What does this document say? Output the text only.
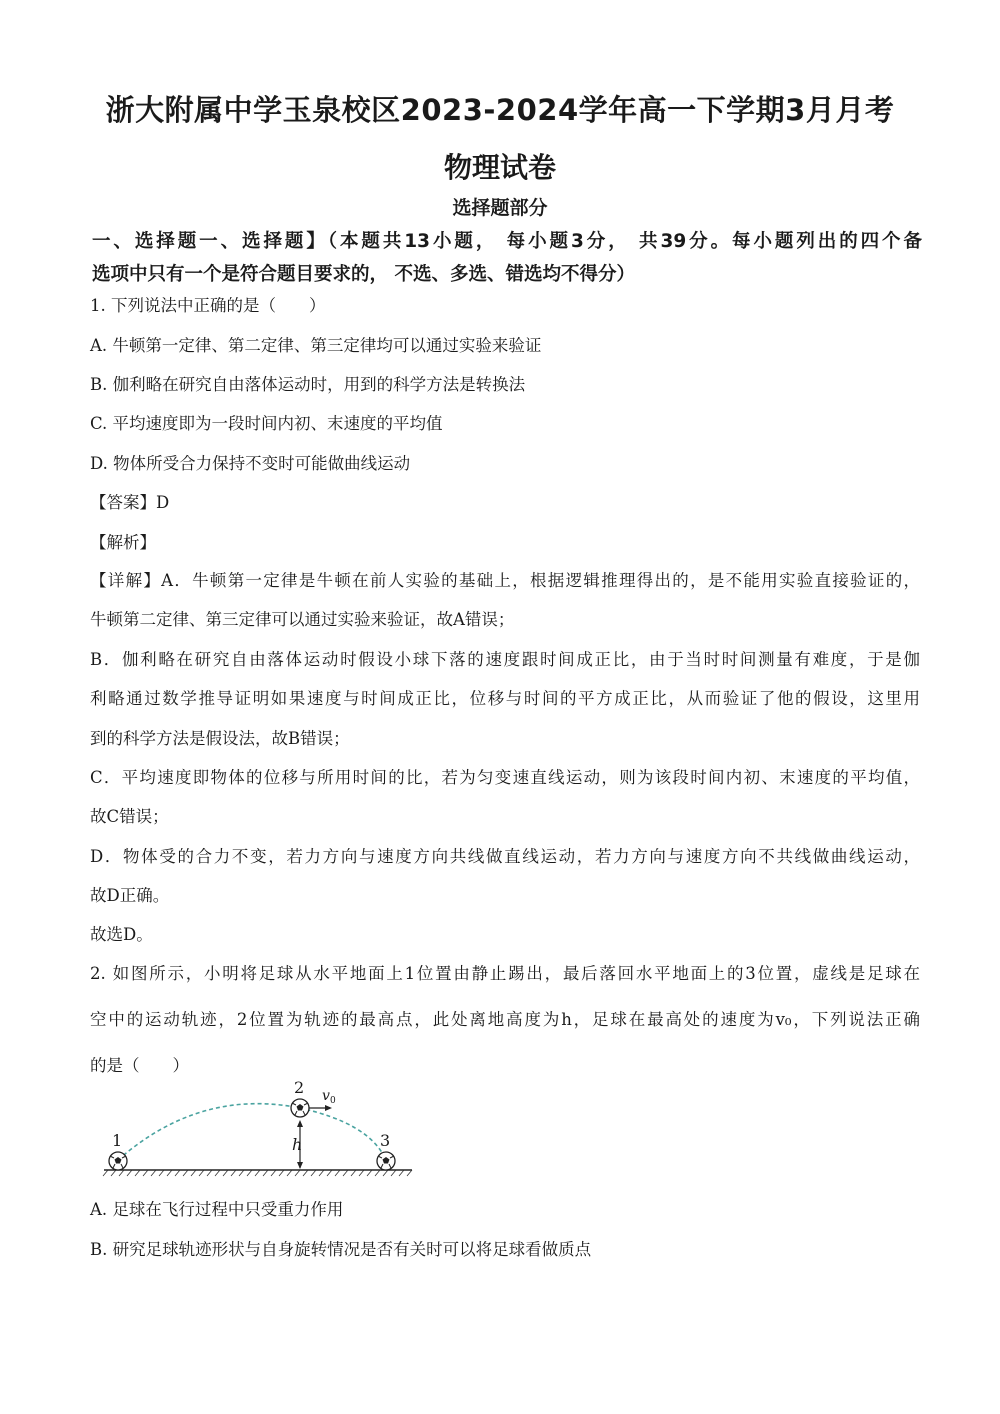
浙大附属中学玉泉校区2023-2024学年高一下学期3月月考
物理试卷
选择题部分
一、选择题一、选择题】（本题共13小题， 每小题3分， 共39分。每小题列出的四个备
选项中只有一个是符合题目要求的， 不选、多选、错选均不得分）
1. 下列说法中正确的是（　　）
A. 牛顿第一定律、第二定律、第三定律均可以通过实验来验证
B. 伽利略在研究自由落体运动时，用到的科学方法是转换法
C. 平均速度即为一段时间内初、末速度的平均值
D. 物体所受合力保持不变时可能做曲线运动
【答案】D
【解析】
【详解】A．牛顿第一定律是牛顿在前人实验的基础上，根据逻辑推理得出的，是不能用实验直接验证的，
牛顿第二定律、第三定律可以通过实验来验证，故A错误；
B．伽利略在研究自由落体运动时假设小球下落的速度跟时间成正比，由于当时时间测量有难度，于是伽
利略通过数学推导证明如果速度与时间成正比，位移与时间的平方成正比，从而验证了他的假设，这里用
到的科学方法是假设法，故B错误；
C．平均速度即物体的位移与所用时间的比，若为匀变速直线运动，则为该段时间内初、末速度的平均值，
故C错误；
D．物体受的合力不变，若力方向与速度方向共线做直线运动，若力方向与速度方向不共线做曲线运动，
故D正确。
故选D。
2. 如图所示，小明将足球从水平地面上1位置由静止踢出，最后落回水平地面上的3位置，虚线是足球在
空中的运动轨迹，2位置为轨迹的最高点，此处离地高度为h，足球在最高处的速度为v₀，下列说法正确
的是（　　）
1
2
3
h
v 0
A. 足球在飞行过程中只受重力作用
B. 研究足球轨迹形状与自身旋转情况是否有关时可以将足球看做质点
